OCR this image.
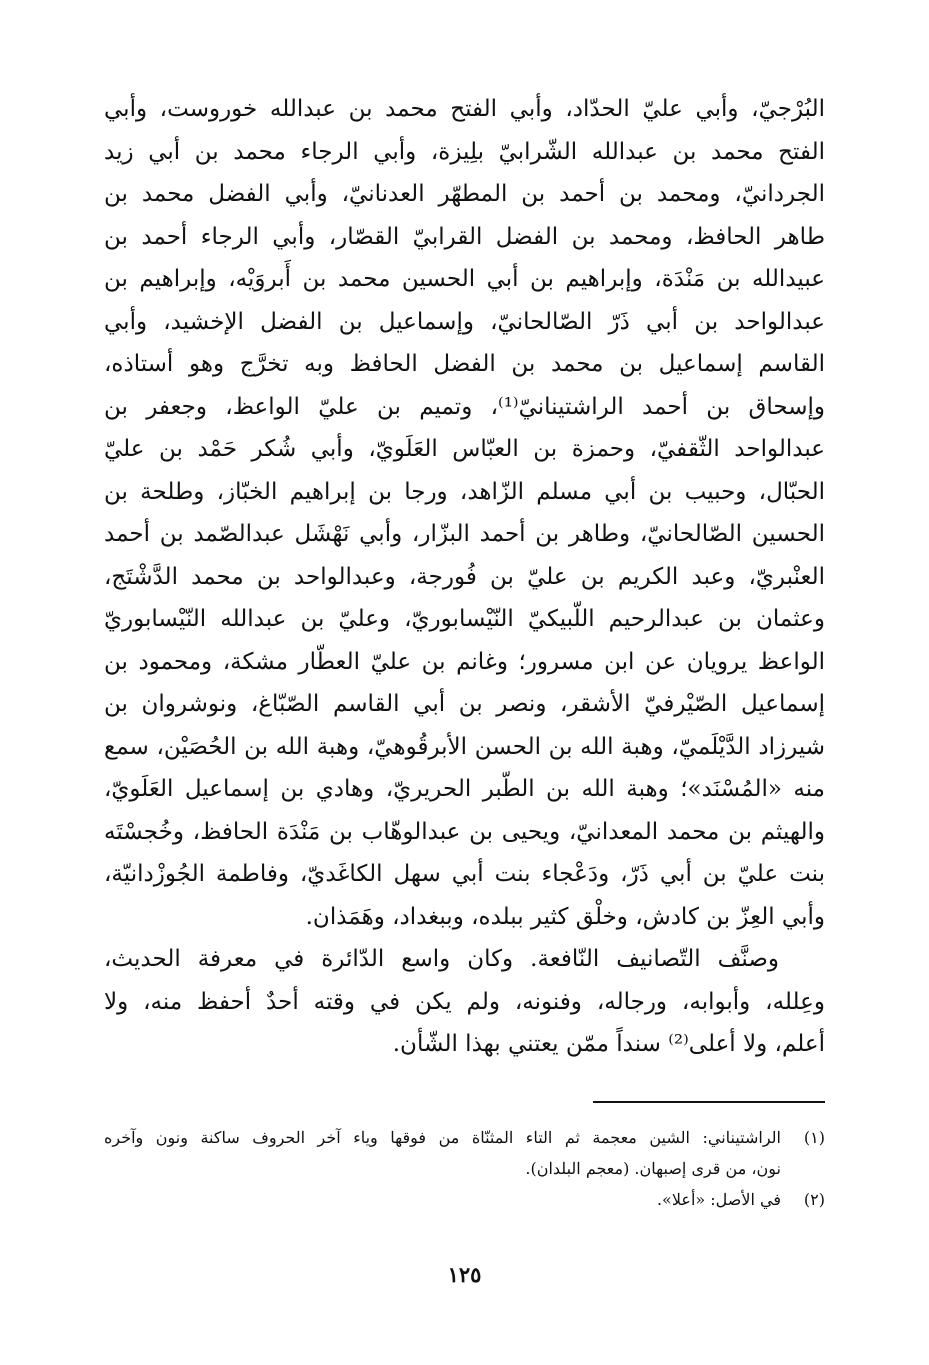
البُرْجيّ، وأبي عليّ الحدّاد، وأبي الفتح محمد بن عبدالله خوروست، وأبي
الفتح محمد بن عبدالله الشّرابيّ بلِيزة، وأبي الرجاء محمد بن أبي زيد
الجردانيّ، ومحمد بن أحمد بن المطهّر العدنانيّ، وأبي الفضل محمد بن
طاهر الحافظ، ومحمد بن الفضل القرابيّ القصّار، وأبي الرجاء أحمد بن
عبيدالله بن مَنْدَة، وإبراهيم بن أبي الحسين محمد بن أَبروَيْه، وإبراهيم بن
عبدالواحد بن أبي ذَرّ الصّالحانيّ، وإسماعيل بن الفضل الإخشيد، وأبي
القاسم إسماعيل بن محمد بن الفضل الحافظ وبه تخرَّج وهو أستاذه،
وإسحاق بن أحمد الراشتينانيّ⁽¹⁾، وتميم بن عليّ الواعظ، وجعفر بن
عبدالواحد الثّقفيّ، وحمزة بن العبّاس العَلَويّ، وأبي شُكر حَمْد بن عليّ
الحبّال، وحبيب بن أبي مسلم الزّاهد، ورجا بن إبراهيم الخبّاز، وطلحة بن
الحسين الصّالحانيّ، وطاهر بن أحمد البزّار، وأبي نَهْشَل عبدالصّمد بن أحمد
العنْبريّ، وعبد الكريم بن عليّ بن فُورجة، وعبدالواحد بن محمد الدَّشْتَج،
وعثمان بن عبدالرحيم اللّبيكيّ النّيْسابوريّ، وعليّ بن عبدالله النّيْسابوريّ
الواعظ يرويان عن ابن مسرور؛ وغانم بن عليّ العطّار مشكة، ومحمود بن
إسماعيل الصّيْرفيّ الأشقر، ونصر بن أبي القاسم الصّبّاغ، ونوشروان بن
شيرزاد الدَّيْلَميّ، وهبة الله بن الحسن الأبرقُوهيّ، وهبة الله بن الحُصَيْن، سمع
منه «المُسْنَد»؛ وهبة الله بن الطّبر الحريريّ، وهادي بن إسماعيل العَلَويّ،
والهيثم بن محمد المعدانيّ، ويحيى بن عبدالوهّاب بن مَنْدَة الحافظ، وخُجسْتَه
بنت عليّ بن أبي ذَرّ، ودَعْجاء بنت أبي سهل الكاغَديّ، وفاطمة الجُوزْدانيّة،
وأبي العِزّ بن كادش، وخلْق كثير ببلده، وببغداد، وهَمَذان.
وصنَّف التّصانيف النّافعة. وكان واسع الدّائرة في معرفة الحديث،
وعِلله، وأبوابه، ورجاله، وفنونه، ولم يكن في وقته أحدٌ أحفظ منه، ولا
أعلم، ولا أعلى⁽²⁾ سنداً ممّن يعتني بهذا الشّأن.
(١)
الراشتيناني: الشين معجمة ثم التاء المثنّاة من فوقها وياء آخر الحروف ساكنة ونون وآخره
نون، من قرى إصبهان. (معجم البلدان).
(٢)
في الأصل: «أعلا».
١٢٥
